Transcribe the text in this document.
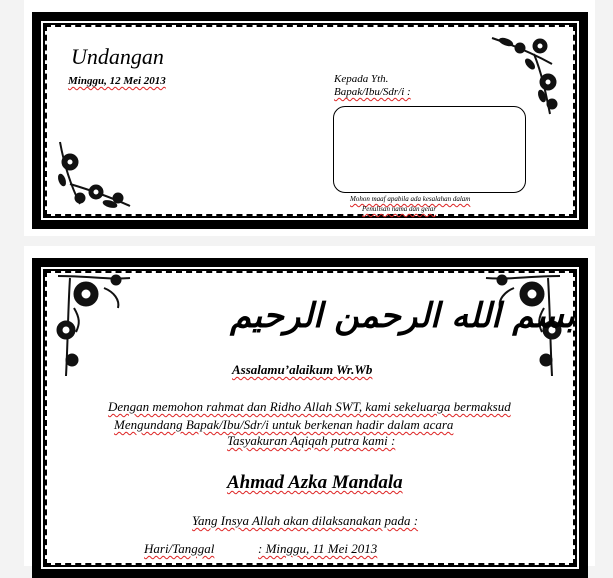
Undangan
Minggu, 12 Mei 2013	Kepada Yth.
Bapak/Ibu/Sdr/i :
Mohon maaf apabila ada kesalahan dalam
Penulisan nama dan gelar
بسم الله الرحمن الرحيم
Assalamu’alaikum Wr.Wb
Dengan memohon rahmat dan Ridho Allah SWT, kami sekeluarga bermaksud
Mengundang Bapak/Ibu/Sdr/i untuk berkenan hadir dalam acara
Tasyakuran Aqiqah putra kami :
Ahmad Azka Mandala
Yang Insya Allah akan dilaksanakan pada :
Hari/Tanggal	: Minggu, 11 Mei 2013
